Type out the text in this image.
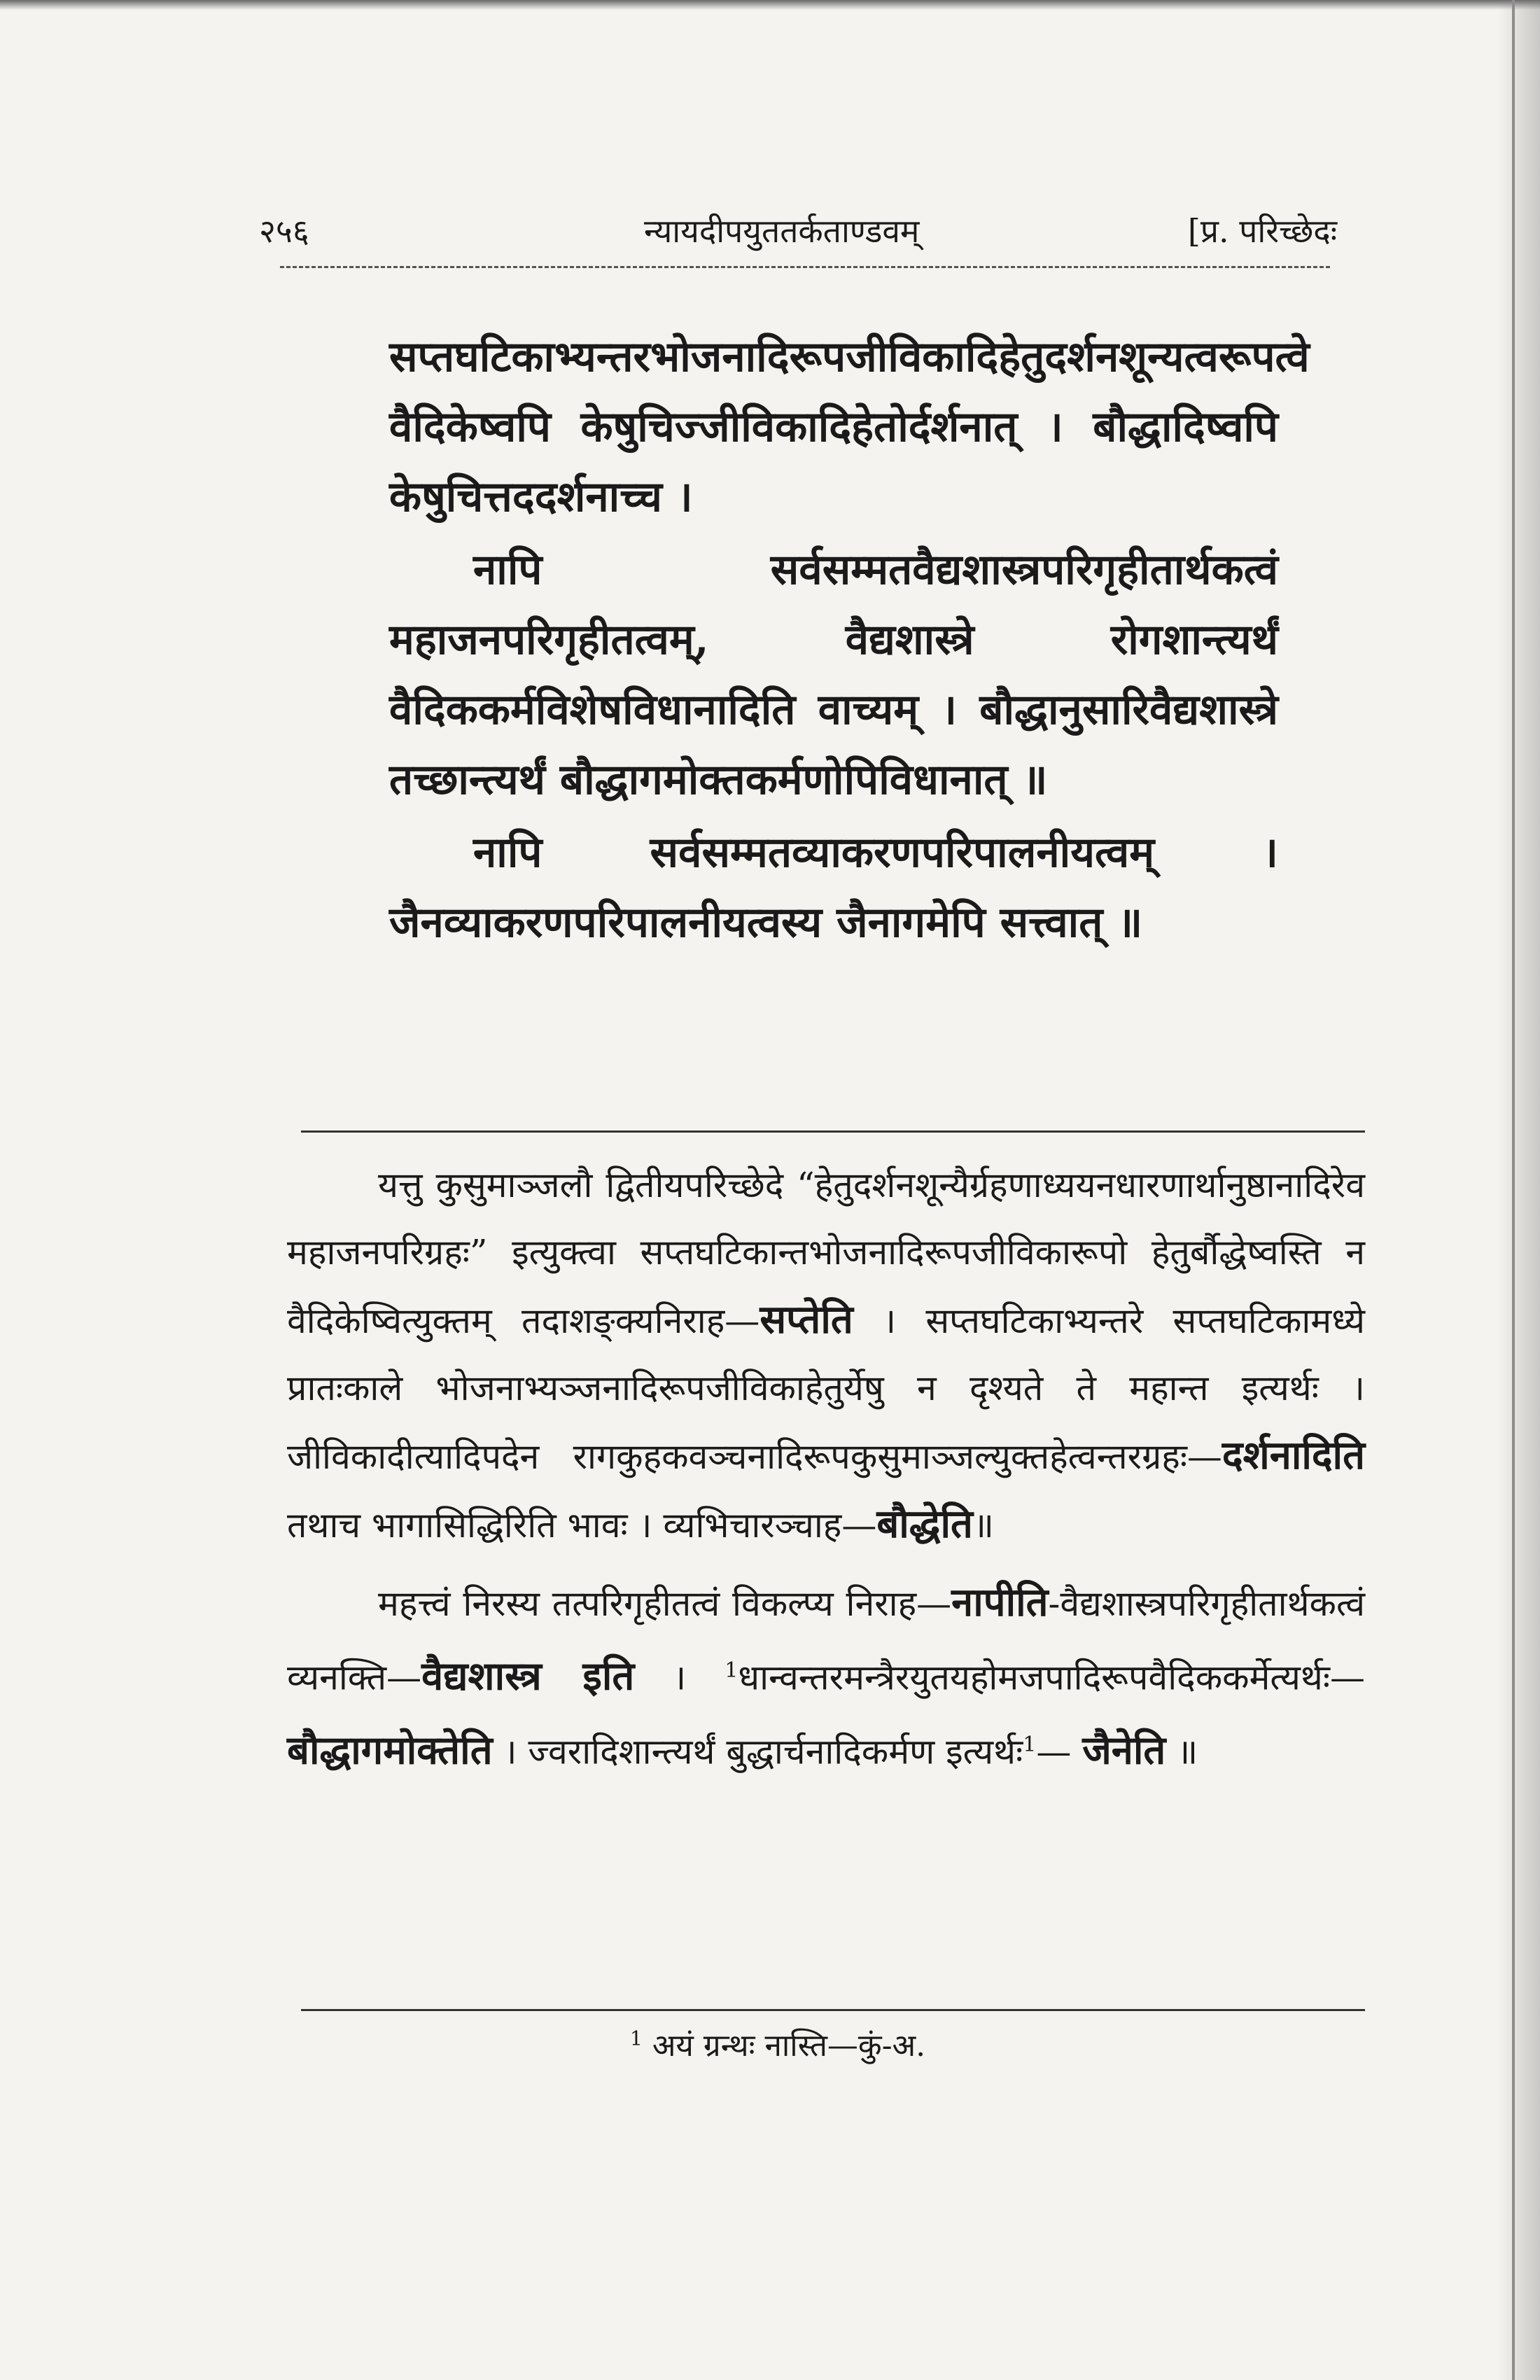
२५६	न्यायदीपयुततर्कताण्डवम्	[प्र. परिच्छेदः

सप्तघटिकाभ्यन्तरभोजनादिरूपजीविकादिहेतुदर्शनशून्यत्वरूपत्वे वैदिकेष्वपि केषुचिज्जीविकादिहेतोर्दर्शनात् । बौद्धादिष्वपि केषुचित्तददर्शनाच्च ।

नापि सर्वसम्मतवैद्यशास्त्रपरिगृहीतार्थकत्वं महाजनपरिगृहीतत्वम्, वैद्यशास्त्रे रोगशान्त्यर्थं वैदिककर्मविशेषविधानादिति वाच्यम् । बौद्धानुसारिवैद्यशास्त्रे तच्छान्त्यर्थं बौद्धागमोक्तकर्मणोपिविधानात् ॥

नापि सर्वसम्मतव्याकरणपरिपालनीयत्वम् । जैनव्याकरणपरिपालनीयत्वस्य जैनागमेपि सत्त्वात् ॥

यत्तु कुसुमाञ्जलौ द्वितीयपरिच्छेदे “हेतुदर्शनशून्यैर्ग्रहणाध्ययनधारणार्थानुष्ठानादिरेव महाजनपरिग्रहः” इत्युक्त्वा सप्तघटिकान्तभोजनादिरूपजीविकारूपो हेतुर्बौद्धेष्वस्ति न वैदिकेष्वित्युक्तम् तदाशङ्क्यनिराह—सप्तेति । सप्तघटिकाभ्यन्तरे सप्तघटिकामध्ये प्रातःकाले भोजनाभ्यञ्जनादिरूपजीविकाहेतुर्येषु न दृश्यते ते महान्त इत्यर्थः । जीविकादीत्यादिपदेन रागकुहकवञ्चनादिरूपकुसुमाञ्जल्युक्तहेत्वन्तरग्रहः—दर्शनादिति तथाच भागासिद्धिरिति भावः । व्यभिचारञ्चाह—बौद्धेति॥

महत्त्वं निरस्य तत्परिगृहीतत्वं विकल्प्य निराह—नापीति-वैद्यशास्त्रपरिगृहीतार्थकत्वं व्यनक्ति—वैद्यशास्त्र इति । $^1$धान्वन्तरमन्त्रैरयुतयहोमजपादिरूपवैदिककर्मेत्यर्थः—बौद्धागमोक्तेति । ज्वरादिशान्त्यर्थं बुद्धार्चनादिकर्मण इत्यर्थः$^1$— जैनेति ॥

$^1$ अयं ग्रन्थः नास्ति—कुं-अ.
